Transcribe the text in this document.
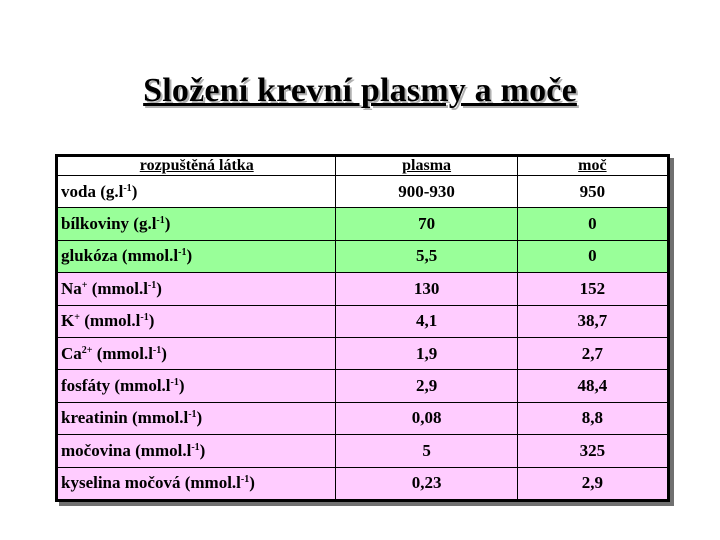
Složení krevní plasmy a moče
rozpuštěná látka	plasma	moč
voda $(g.l^{-1})$	900-930	950
bílkoviny $(g.l^{-1})$	70	0
glukóza $(mmol.l^{-1})$	5,5	0
Na+ $(mmol.l^{-1})$	130	152
K+ $(mmol.l^{-1})$	4,1	38,7
$Ca^{2+}$ $(mmol.l^{-1})$	1,9	2,7
fosfáty $(mmol.l^{-1})$	2,9	48,4
kreatinin $(mmol.l^{-1})$	0,08	8,8
močovina $(mmol.l^{-1})$	5	325
kyselina močová $(mmol.l^{-1})$	0,23	2,9
